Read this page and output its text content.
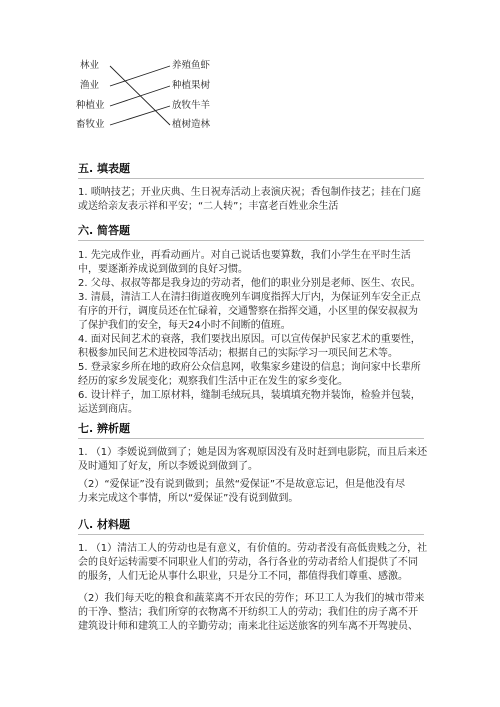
林业
渔业
种植业
畜牧业
养殖鱼虾
种植果树
放牧牛羊
植树造林
五. 填表题
1. 唢呐技艺；开业庆典、生日祝寿活动上表演庆祝；香包制作技艺；挂在门庭
或送给亲友表示祥和平安；“二人转”；丰富老百姓业余生活
六. 简答题
1. 先完成作业，再看动画片。对自己说话也要算数，我们小学生在平时生活
中，要逐渐养成说到做到的良好习惯。
2. 父母、叔叔等都是我身边的劳动者，他们的职业分别是老师、医生、农民。
3. 清晨，清洁工人在清扫街道夜晚列车调度指挥大厅内，为保证列车安全正点
有序的开行，调度员还在忙碌着，交通警察在指挥交通，小区里的保安叔叔为
了保护我们的安全，每天24小时不间断的值班。
4. 面对民间艺术的衰落，我们要找出原因。可以宣传保护民家艺术的重要性，
积极参加民间艺术进校园等活动；根据自己的实际学习一项民间艺术等。
5. 登录家乡所在地的政府公众信息网，收集家乡建设的信息；询问家中长辈所
经历的家乡发展变化；观察我们生活中正在发生的家乡变化。
6. 设计样子，加工原材料，缝制毛绒玩具，装填填充物并装饰，检验并包装，
运送到商店。
七. 辨析题
1. （1）李媛说到做到了；她是因为客观原因没有及时赶到电影院，而且后来还
及时通知了好友，所以李媛说到做到了。
（2）“爱保证”没有说到做到；虽然“爱保证”不是故意忘记，但是他没有尽
力来完成这个事情，所以“爱保证”没有说到做到。
八. 材料题
1. （1）清洁工人的劳动也是有意义，有价值的。劳动者没有高低贵贱之分，社
会的良好运转需要不同职业人们的劳动，各行各业的劳动者给人们提供了不同
的服务，人们无论从事什么职业，只是分工不同，都值得我们尊重、感激。
（2）我们每天吃的粮食和蔬菜离不开农民的劳作；环卫工人为我们的城市带来
的干净、整洁；我们所穿的衣物离不开纺织工人的劳动；我们住的房子离不开
建筑设计师和建筑工人的辛勤劳动；南来北往运送旅客的列车离不开驾驶员、
